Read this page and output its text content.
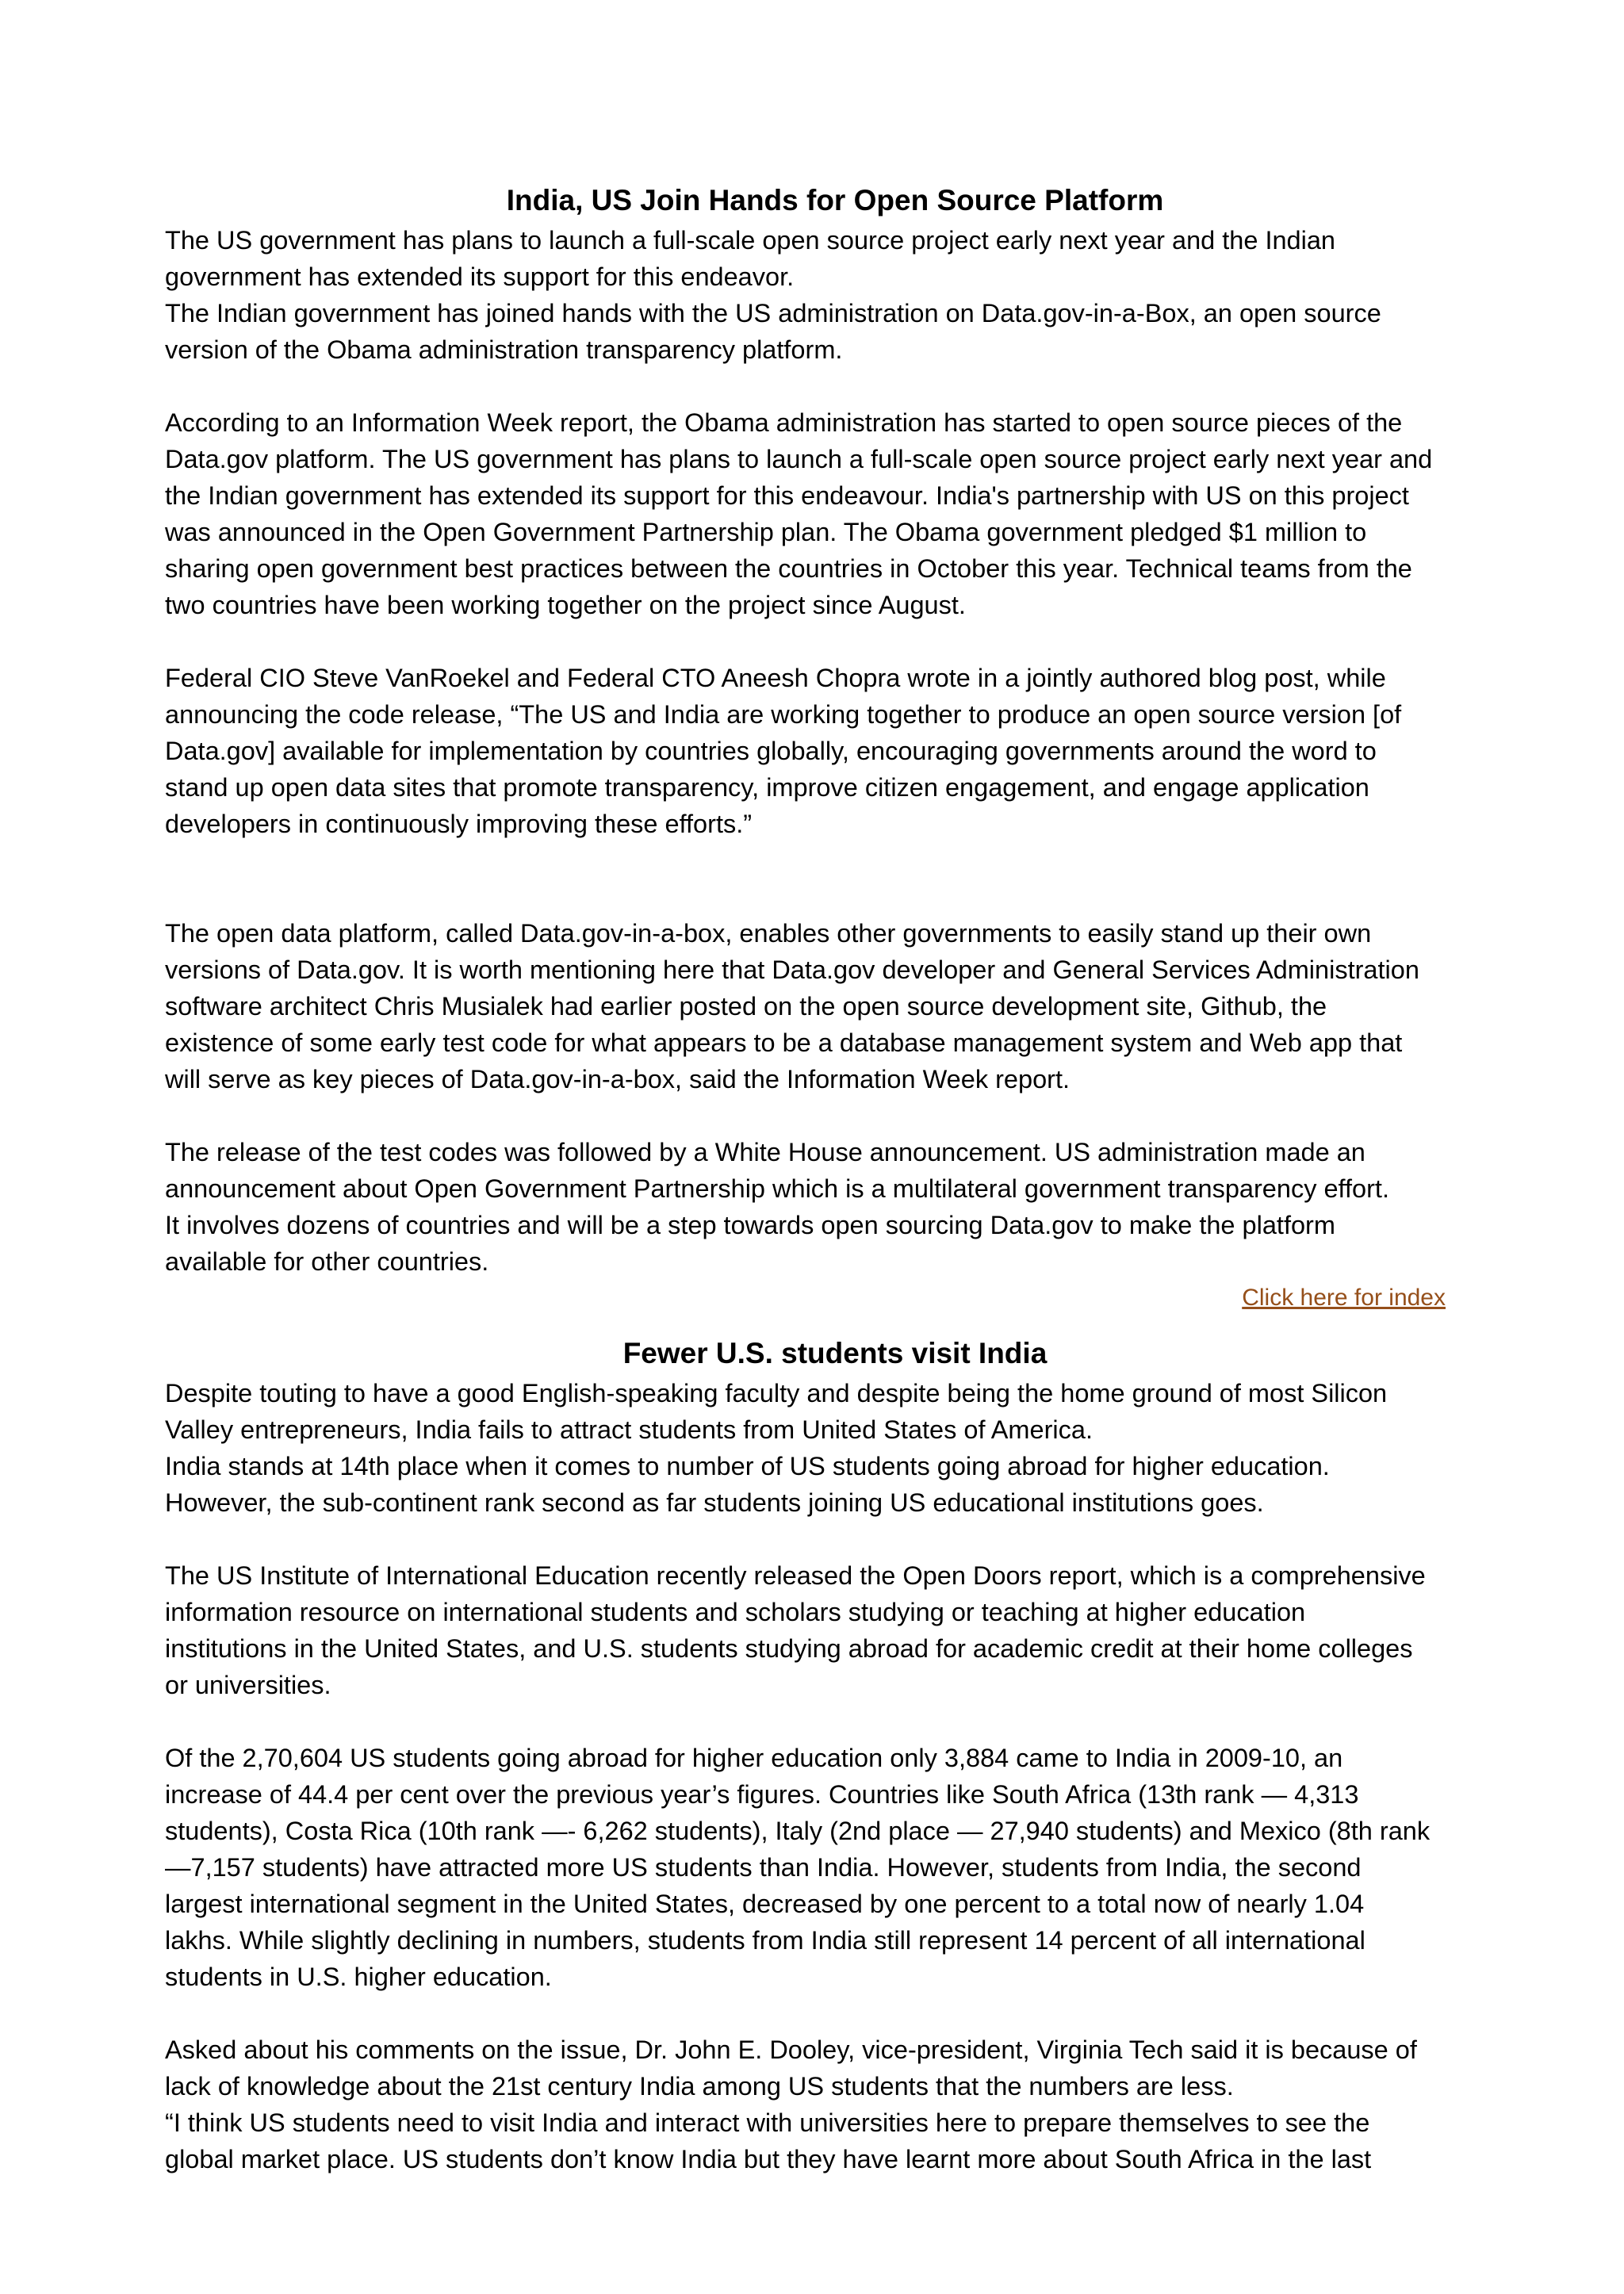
India, US Join Hands for Open Source Platform

The US government has plans to launch a full-scale open source project early next year and the Indian
government has extended its support for this endeavor.
The Indian government has joined hands with the US administration on Data.gov-in-a-Box, an open source
version of the Obama administration transparency platform.

According to an Information Week report, the Obama administration has started to open source pieces of the
Data.gov platform. The US government has plans to launch a full-scale open source project early next year and
the Indian government has extended its support for this endeavour. India's partnership with US on this project
was announced in the Open Government Partnership plan. The Obama government pledged $1 million to
sharing open government best practices between the countries in October this year. Technical teams from the
two countries have been working together on the project since August.

Federal CIO Steve VanRoekel and Federal CTO Aneesh Chopra wrote in a jointly authored blog post, while
announcing the code release, “The US and India are working together to produce an open source version [of
Data.gov] available for implementation by countries globally, encouraging governments around the word to
stand up open data sites that promote transparency, improve citizen engagement, and engage application
developers in continuously improving these efforts.”

The open data platform, called Data.gov-in-a-box, enables other governments to easily stand up their own
versions of Data.gov. It is worth mentioning here that Data.gov developer and General Services Administration
software architect Chris Musialek had earlier posted on the open source development site, Github, the
existence of some early test code for what appears to be a database management system and Web app that
will serve as key pieces of Data.gov-in-a-box, said the Information Week report.

The release of the test codes was followed by a White House announcement. US administration made an
announcement about Open Government Partnership which is a multilateral government transparency effort.
It involves dozens of countries and will be a step towards open sourcing Data.gov to make the platform
available for other countries.

Click here for index
Fewer U.S. students visit India

Despite touting to have a good English-speaking faculty and despite being the home ground of most Silicon
Valley entrepreneurs, India fails to attract students from United States of America.
India stands at 14th place when it comes to number of US students going abroad for higher education.
However, the sub-continent rank second as far students joining US educational institutions goes.

The US Institute of International Education recently released the Open Doors report, which is a comprehensive
information resource on international students and scholars studying or teaching at higher education
institutions in the United States, and U.S. students studying abroad for academic credit at their home colleges
or universities.

Of the 2,70,604 US students going abroad for higher education only 3,884 came to India in 2009-10, an
increase of 44.4 per cent over the previous year’s figures. Countries like South Africa (13th rank — 4,313
students), Costa Rica (10th rank —- 6,262 students), Italy (2nd place — 27,940 students) and Mexico (8th rank
—7,157 students) have attracted more US students than India. However, students from India, the second
largest international segment in the United States, decreased by one percent to a total now of nearly 1.04
lakhs. While slightly declining in numbers, students from India still represent 14 percent of all international
students in U.S. higher education.

Asked about his comments on the issue, Dr. John E. Dooley, vice-president, Virginia Tech said it is because of
lack of knowledge about the 21st century India among US students that the numbers are less.
“I think US students need to visit India and interact with universities here to prepare themselves to see the
global market place. US students don’t know India but they have learnt more about South Africa in the last
